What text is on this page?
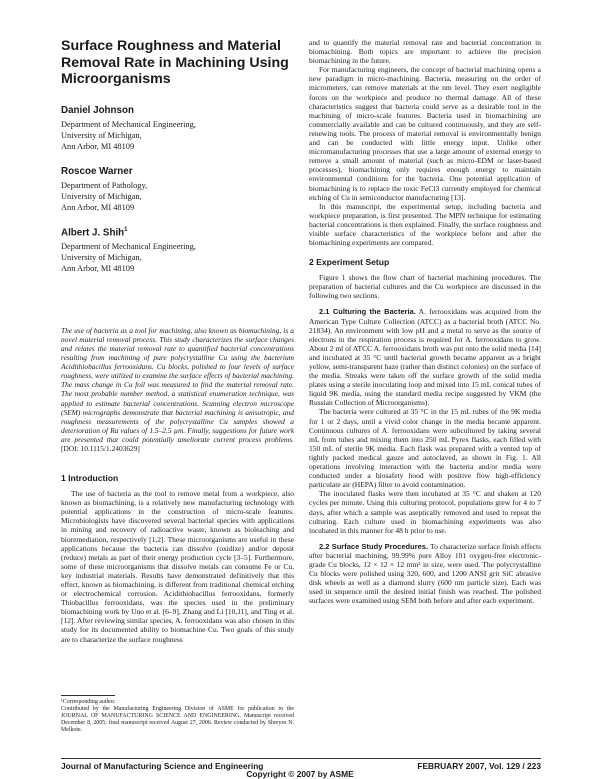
Surface Roughness and Material Removal Rate in Machining Using Microorganisms
Daniel Johnson
Department of Mechanical Engineering,
University of Michigan,
Ann Arbor, MI 48109
Roscoe Warner
Department of Pathology,
University of Michigan,
Ann Arbor, MI 48109
Albert J. Shih$^1$
Department of Mechanical Engineering,
University of Michigan,
Ann Arbor, MI 48109
The use of bacteria as a tool for machining, also known as biomachining, is a novel material removal process. This study characterizes the surface changes and relates the material removal rate to quantified bacterial concentrations resulting from machining of pure polycrystalline Cu using the bacterium Acidithiobacillus ferrooxidans. Cu blocks, polished to four levels of surface roughness, were utilized to examine the surface effects of bacterial machining. The mass change in Cu foil was measured to find the material removal rate. The most probable number method, a statistical enumeration technique, was applied to estimate bacterial concentrations. Scanning electron microscope (SEM) micrographs demonstrate that bacterial machining is anisotropic, and roughness measurements of the polycrystalline Cu samples showed a deterioration of Ra values of 1.5–2.5 µm. Finally, suggestions for future work are presented that could potentially ameliorate current process problems. [DOI: 10.1115/1.2403629]
1 Introduction

The use of bacteria as the tool to remove metal from a workpiece, also known as biomachining, is a relatively new manufacturing technology with potential applications in the construction of micro-scale features. Microbiologists have discovered several bacterial species with applications in mining and recovery of radioactive waste, known as bioleaching and bioremediation, respectively [1,2]. These microorganisms are useful in these applications because the bacteria can dissolve (oxidize) and/or deposit (reduce) metals as part of their energy production cycle [3–5]. Furthermore, some of these microorganisms that dissolve metals can consume Fe or Cu, key industrial materials. Results have demonstrated definitively that this effect, known as biomachining, is different from traditional chemical etching or electrochemical corrosion. Acidithiobacillus ferrooxidans, formerly Thiobacillus ferrooxidans, was the species used in the preliminary biomachining work by Uno et al. [6–9], Zhang and Li [10,11], and Ting et al. [12]. After reviewing similar species, A. ferrooxidans was also chosen in this study for its documented ability to biomachine Cu. Two goals of this study are to characterize the surface roughness

¹Corresponding author.

Contributed by the Manufacturing Engineering Division of ASME for publication in the JOURNAL OF MANUFACTURING SCIENCE AND ENGINEERING. Manuscript received December 8, 2005; final manuscript received August 27, 2006. Review conducted by Shreyes N. Melkote.

and to quantify the material removal rate and bacterial concentration in biomachining. Both topics are important to achieve the precision biomachining in the future.

For manufacturing engineers, the concept of bacterial machining opens a new paradigm in micro-machining. Bacteria, measuring on the order of micrometers, can remove materials at the nm level. They exert negligible forces on the workpiece and produce no thermal damage. All of these characteristics suggest that bacteria could serve as a desirable tool in the machining of micro-scale features. Bacteria used in biomachining are commercially available and can be cultured continuously, and they are self-renewing tools. The process of material removal is environmentally benign and can be conducted with little energy input. Unlike other micromanufacturing processes that use a large amount of external energy to remove a small amount of material (such as micro-EDM or laser-based processes), biomachining only requires enough energy to maintain environmental conditions for the bacteria. One potential application of biomachining is to replace the toxic FeCl3 currently employed for chemical etching of Cu in semiconductor manufacturing [13].

In this manuscript, the experimental setup, including bacteria and workpiece preparation, is first presented. The MPN technique for estimating bacterial concentrations is then explained. Finally, the surface roughness and visible surface characteristics of the workpiece before and after the biomachining experiments are compared.

2 Experiment Setup

Figure 1 shows the flow chart of bacterial machining procedures. The preparation of bacterial cultures and the Cu workpiece are discussed in the following two sections.

2.1 Culturing the Bacteria. A. ferrooxidans was acquired from the American Type Culture Collection (ATCC) as a bacterial broth (ATCC No. 21834). An environment with low pH and a metal to serve as the source of electrons in the respiration process is required for A. ferrooxidans to grow. About 2 ml of ATCC A. ferrooxidans broth was put onto the solid media [14] and incubated at 35 °C until bacterial growth became apparent as a bright yellow, semi-transparent haze (rather than distinct colonies) on the surface of the media. Streaks were taken off the surface growth of the solid media plates using a sterile inoculating loop and mixed into 15 mL conical tubes of liquid 9K media, using the standard media recipe suggested by VKM (the Russian Collection of Microorganisms).

The bacteria were cultured at 35 °C in the 15 mL tubes of the 9K media for 1 or 2 days, until a vivid color change in the media became apparent. Continuous cultures of A. ferrooxidans were subcultured by taking several mL from tubes and mixing them into 250 mL Pyrex flasks, each filled with 150 mL of sterile 9K media. Each flask was prepared with a vented top of tightly packed medical gauze and autoclaved, as shown in Fig. 1. All operations involving interaction with the bacteria and/or media were conducted under a biosafety hood with positive flow high-efficiency particulate air (HEPA) filter to avoid contamination.

The inoculated flasks were then incubated at 35 °C and shaken at 120 cycles per minute. Using this culturing protocol, populations grew for 4 to 7 days, after which a sample was aseptically removed and used to repeat the culturing. Each culture used in biomachining experiments was also incubated in this manner for 48 h prior to use.

2.2 Surface Study Procedures. To characterize surface finish effects after bacterial machining, 99.99% pure Alloy 101 oxygen-free electronic-grade Cu blocks, 12 × 12 × 12 mm³ in size, were used. The polycrystalline Cu blocks were polished using 320, 600, and 1200 ANSI grit SiC abrasive disk wheels as well as a diamond slurry (600 nm particle size). Each was used in sequence until the desired initial finish was reached. The polished surfaces were examined using SEM both before and after each experiment.

Journal of Manufacturing Science and Engineering	FEBRUARY 2007, Vol. 129 / 223
Copyright © 2007 by ASME
